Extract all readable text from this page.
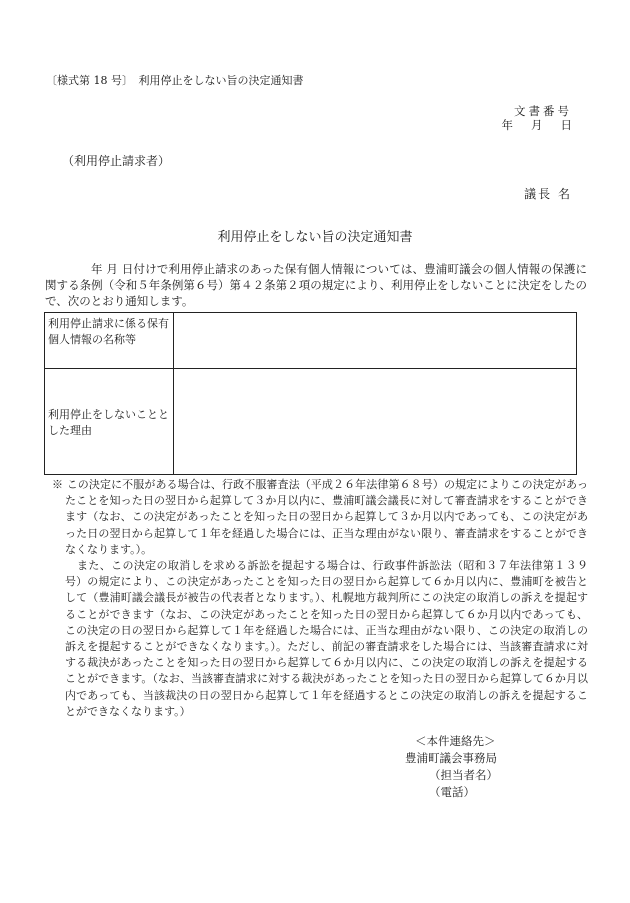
〔様式第 18 号〕　利用停止をしない旨の決定通知書
文書番号
年 月 日
（利用停止請求者）
議長 名
利用停止をしない旨の決定通知書
年 月 日付けで利用停止請求のあった保有個人情報については、豊浦町議会の個人情報の保護に関する条例（令和５年条例第６号）第４２条第２項の規定により、利用停止をしないことに決定をしたので、次のとおり通知します。
利用停止請求に係る保有個人情報の名称等	
利用停止をしないこととした理由	
※ この決定に不服がある場合は、行政不服審査法（平成２６年法律第６８号）の規定によりこの決定があったことを知った日の翌日から起算して３か月以内に、豊浦町議会議長に対して審査請求をすることができます（なお、この決定があったことを知った日の翌日から起算して３か月以内であっても、この決定があった日の翌日から起算して１年を経過した場合には、正当な理由がない限り、審査請求をすることができなくなります。）。
また、この決定の取消しを求める訴訟を提起する場合は、行政事件訴訟法（昭和３７年法律第１３９号）の規定により、この決定があったことを知った日の翌日から起算して６か月以内に、豊浦町を被告として（豊浦町議会議長が被告の代表者となります。）、札幌地方裁判所にこの決定の取消しの訴えを提起することができます（なお、この決定があったことを知った日の翌日から起算して６か月以内であっても、この決定の日の翌日から起算して１年を経過した場合には、正当な理由がない限り、この決定の取消しの訴えを提起することができなくなります。）。ただし、前記の審査請求をした場合には、当該審査請求に対する裁決があったことを知った日の翌日から起算して６か月以内に、この決定の取消しの訴えを提起することができます。（なお、当該審査請求に対する裁決があったことを知った日の翌日から起算して６か月以内であっても、当該裁決の日の翌日から起算して１年を経過するとこの決定の取消しの訴えを提起することができなくなります。）
＜本件連絡先＞
豊浦町議会事務局
（担当者名）
（電話）
